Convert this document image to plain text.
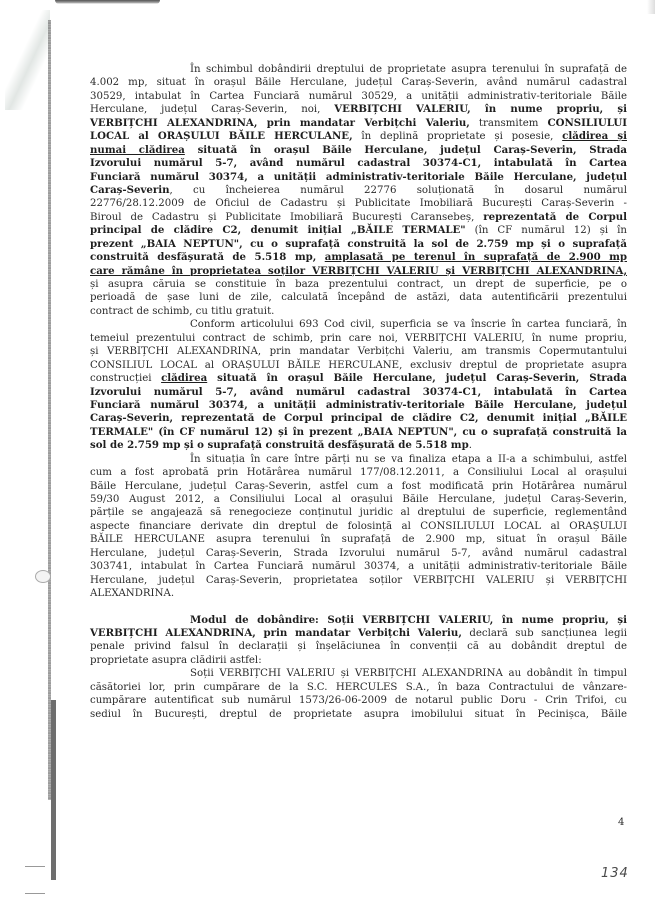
În schimbul dobândirii dreptului de proprietate asupra terenului în suprafață de
4.002 mp, situat în orașul Băile Herculane, județul Caraș-Severin, având numărul cadastral
30529, intabulat în Cartea Funciară numărul 30529, a unității administrativ-teritoriale Băile
Herculane, județul Caraș-Severin, noi, VERBIȚCHI VALERIU, în nume propriu, și
VERBIȚCHI ALEXANDRINA, prin mandatar Verbițchi Valeriu, transmitem CONSILIULUI
LOCAL al ORAȘULUI BĂILE HERCULANE, în deplină proprietate și posesie, clădirea și
numai clădirea situată în orașul Băile Herculane, județul Caraș-Severin, Strada
Izvorului numărul 5-7, având numărul cadastral 30374-C1, intabulată în Cartea
Funciară numărul 30374, a unității administrativ-teritoriale Băile Herculane, județul
Caraș-Severin, cu încheierea numărul 22776 soluționată în dosarul numărul
22776/28.12.2009 de Oficiul de Cadastru și Publicitate Imobiliară București Caraș-Severin -
Biroul de Cadastru și Publicitate Imobiliară București Caransebeș, reprezentată de Corpul
principal de clădire C2, denumit inițial „BĂILE TERMALE" (în CF numărul 12) și în
prezent „BAIA NEPTUN", cu o suprafață construită la sol de 2.759 mp și o suprafață
construită desfășurată de 5.518 mp, amplasată pe terenul în suprafață de 2.900 mp
care rămâne în proprietatea soților VERBIȚCHI VALERIU și VERBIȚCHI ALEXANDRINA,
și asupra căruia se constituie în baza prezentului contract, un drept de superficie, pe o
perioadă de șase luni de zile, calculată începând de astăzi, data autentificării prezentului
contract de schimb, cu titlu gratuit.
Conform articolului 693 Cod civil, superficia se va înscrie în cartea funciară, în
temeiul prezentului contract de schimb, prin care noi, VERBIȚCHI VALERIU, în nume propriu,
și VERBIȚCHI ALEXANDRINA, prin mandatar Verbițchi Valeriu, am transmis Copermutantului
CONSILIUL LOCAL al ORAȘULUI BĂILE HERCULANE, exclusiv dreptul de proprietate asupra
construcției clădirea situată în orașul Băile Herculane, județul Caraș-Severin, Strada
Izvorului numărul 5-7, având numărul cadastral 30374-C1, intabulată în Cartea
Funciară numărul 30374, a unității administrativ-teritoriale Băile Herculane, județul
Caraș-Severin, reprezentată de Corpul principal de clădire C2, denumit inițial „BĂILE
TERMALE" (în CF numărul 12) și în prezent „BAIA NEPTUN", cu o suprafață construită la
sol de 2.759 mp și o suprafață construită desfășurată de 5.518 mp.
În situația în care între părți nu se va finaliza etapa a II-a a schimbului, astfel
cum a fost aprobată prin Hotărârea numărul 177/08.12.2011, a Consiliului Local al orașului
Băile Herculane, județul Caraș-Severin, astfel cum a fost modificată prin Hotărârea numărul
59/30 August 2012, a Consiliului Local al orașului Băile Herculane, județul Caraș-Severin,
părțile se angajează să renegocieze conținutul juridic al dreptului de superficie, reglementând
aspecte financiare derivate din dreptul de folosință al CONSILIULUI LOCAL al ORAȘULUI
BĂILE HERCULANE asupra terenului în suprafață de 2.900 mp, situat în orașul Băile
Herculane, județul Caraș-Severin, Strada Izvorului numărul 5-7, având numărul cadastral
303741, intabulat în Cartea Funciară numărul 30374, a unității administrativ-teritoriale Băile
Herculane, județul Caraș-Severin, proprietatea soților VERBIȚCHI VALERIU și VERBIȚCHI
ALEXANDRINA.
Modul de dobândire: Soții VERBIȚCHI VALERIU, în nume propriu, și
VERBIȚCHI ALEXANDRINA, prin mandatar Verbițchi Valeriu, declară sub sancțiunea legii
penale privind falsul în declarații și înșelăciunea în convenții că au dobândit dreptul de
proprietate asupra clădirii astfel:
Soții VERBIȚCHI VALERIU și VERBIȚCHI ALEXANDRINA au dobândit în timpul
căsătoriei lor, prin cumpărare de la S.C. HERCULES S.A., în baza Contractului de vânzare-
cumpărare autentificat sub numărul 1573/26-06-2009 de notarul public Doru - Crin Trifoi, cu
sediul în București, dreptul de proprietate asupra imobilului situat în Pecinișca, Băile
4
134
